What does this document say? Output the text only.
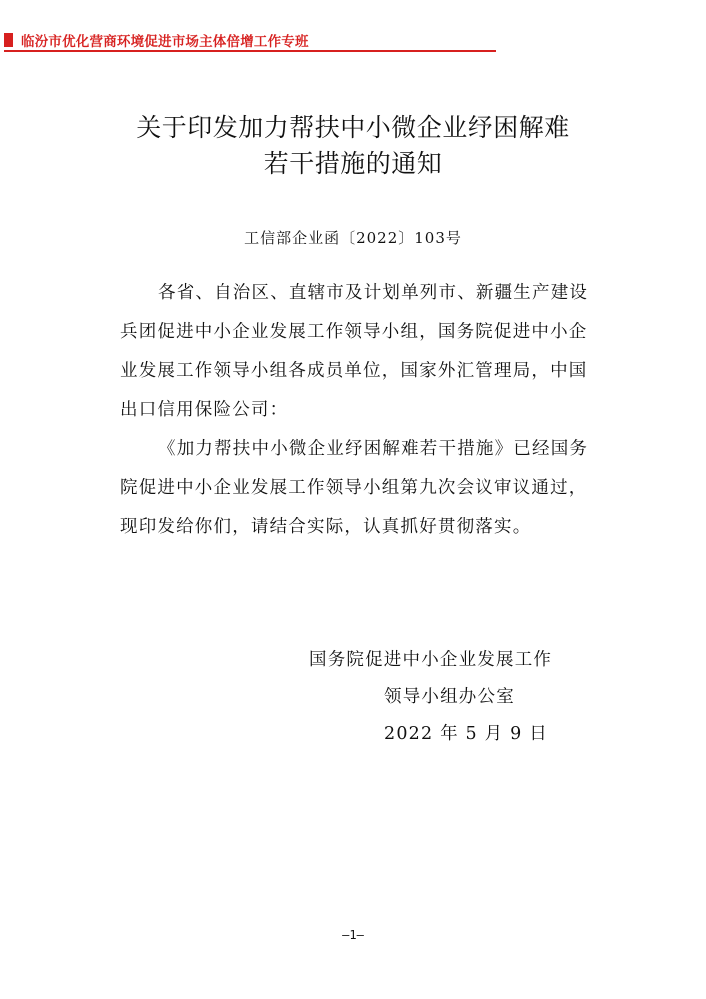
临汾市优化营商环境促进市场主体倍增工作专班
关于印发加力帮扶中小微企业纾困解难
若干措施的通知
工信部企业函〔2022〕103号
各省、自治区、直辖市及计划单列市、新疆生产建设
兵团促进中小企业发展工作领导小组，国务院促进中小企
业发展工作领导小组各成员单位，国家外汇管理局，中国
出口信用保险公司：
《加力帮扶中小微企业纾困解难若干措施》已经国务
院促进中小企业发展工作领导小组第九次会议审议通过，
现印发给你们，请结合实际，认真抓好贯彻落实。
国务院促进中小企业发展工作
领导小组办公室
2022 年 5 月 9 日
—1—
